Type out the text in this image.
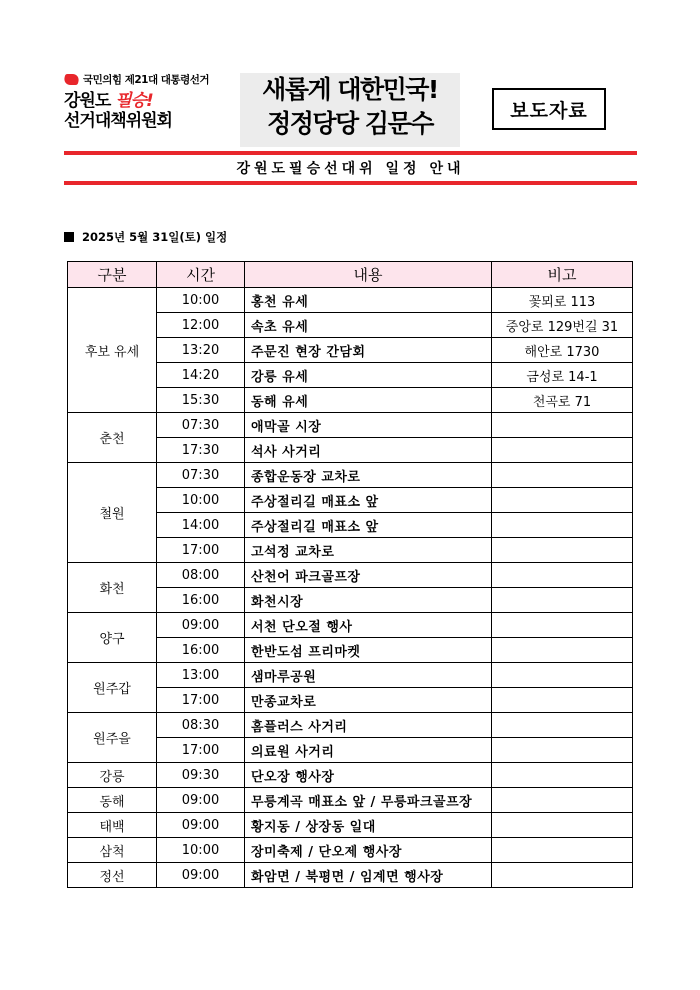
국민의힘 제21대 대통령선거
강원도 필승!
선거대책위원회
새롭게 대한민국!
정정당당 김문수	보도자료
강원도필승선대위 일정 안내
2025년 5월 31일(토) 일정
구분	시간	내용	비고
후보 유세	10:00	홍천 유세	꽃뫼로 113
	12:00	속초 유세	중앙로 129번길 31
	13:20	주문진 현장 간담회	해안로 1730
	14:20	강릉 유세	금성로 14-1
	15:30	동해 유세	천곡로 71
춘천	07:30	애막골 시장	
	17:30	석사 사거리	
철원	07:30	종합운동장 교차로	
	10:00	주상절리길 매표소 앞	
	14:00	주상절리길 매표소 앞	
	17:00	고석정 교차로	
화천	08:00	산천어 파크골프장	
	16:00	화천시장	
양구	09:00	서천 단오절 행사	
	16:00	한반도섬 프리마켓	
원주갑	13:00	샘마루공원	
	17:00	만종교차로	
원주을	08:30	홈플러스 사거리	
	17:00	의료원 사거리	
강릉	09:30	단오장 행사장	
동해	09:00	무릉계곡 매표소 앞 / 무릉파크골프장	
태백	09:00	황지동 / 상장동 일대	
삼척	10:00	장미축제 / 단오제 행사장	
정선	09:00	화암면 / 북평면 / 임계면 행사장	
